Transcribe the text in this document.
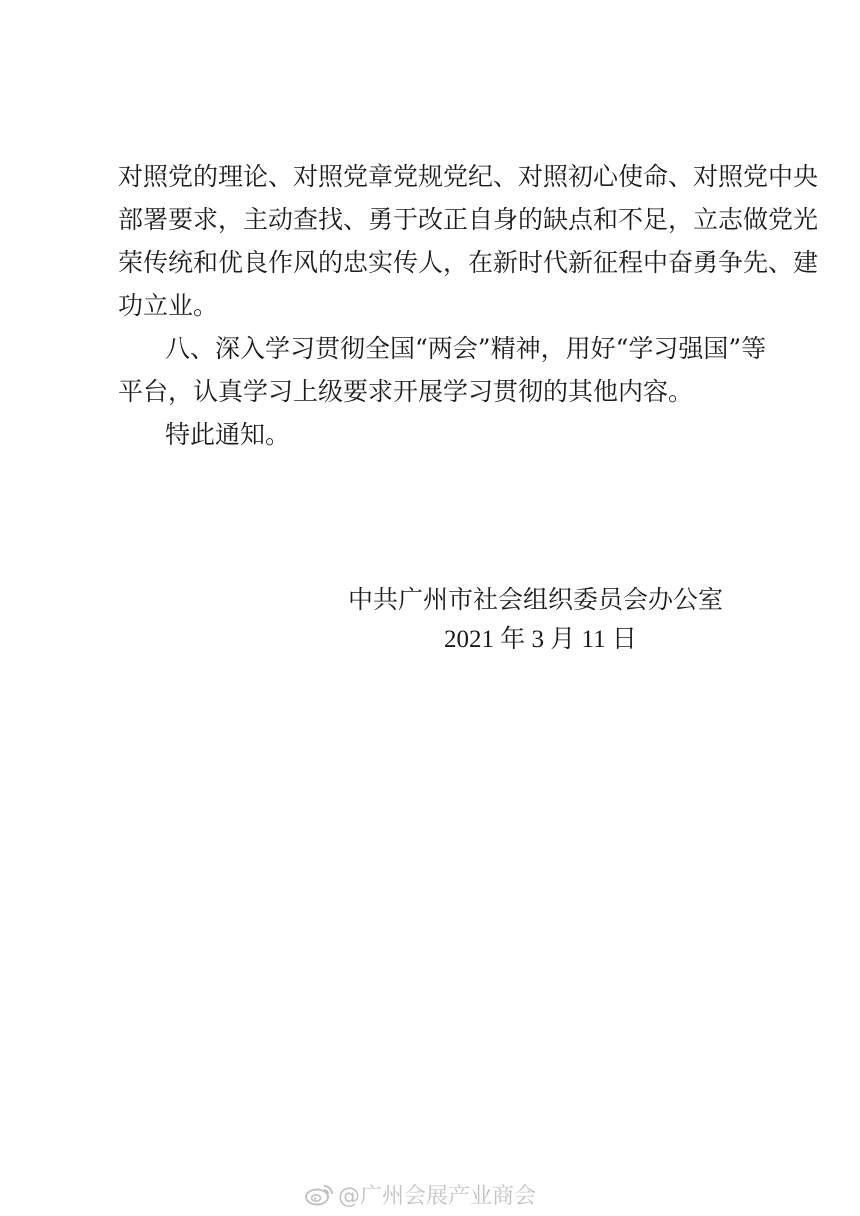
对照党的理论、对照党章党规党纪、对照初心使命、对照党中央
部署要求，主动查找、勇于改正自身的缺点和不足，立志做党光
荣传统和优良作风的忠实传人，在新时代新征程中奋勇争先、建
功立业。
八、深入学习贯彻全国“两会”精神，用好“学习强国”等
平台，认真学习上级要求开展学习贯彻的其他内容。
特此通知。
中共广州市社会组织委员会办公室
2021 年 3 月 11 日
@广州会展产业商会
